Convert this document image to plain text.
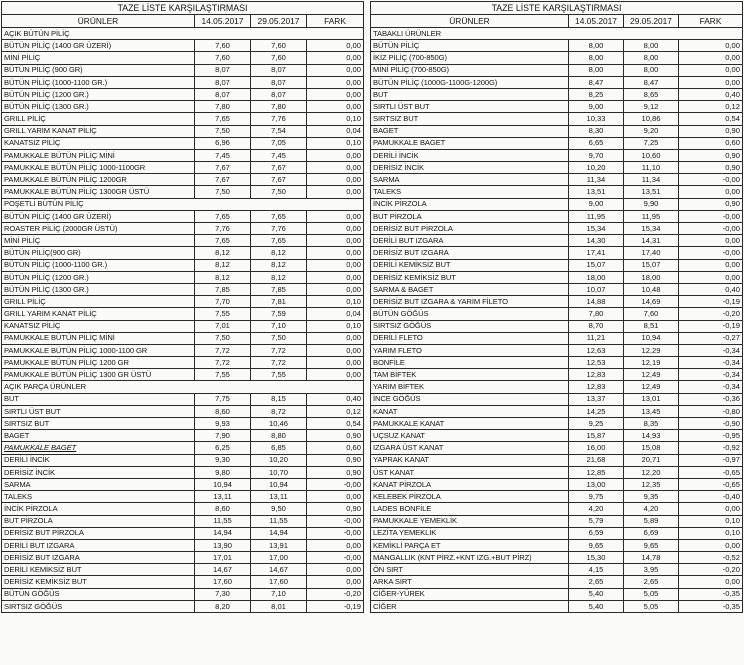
TAZE LİSTE KARŞILAŞTIRMASI			
ÜRÜNLER	14.05.2017	29.05.2017	FARK
AÇIK BÜTÜN PİLİÇ			
BÜTÜN PİLİÇ (1400 GR ÜZERİ)	7,60	7,60	0,00
MİNİ PİLİÇ	7,60	7,60	0,00
BÜTÜN PİLİÇ (900 GR)	8,07	8,07	0,00
BÜTÜN PİLİÇ (1000-1100 GR.)	8,07	8,07	0,00
BÜTÜN PİLİÇ (1200 GR.)	8,07	8,07	0,00
BÜTÜN PİLİÇ (1300 GR.)	7,80	7,80	0,00
GRILL PİLİÇ	7,65	7,76	0,10
GRILL YARIM KANAT PİLİÇ	7,50	7,54	0,04
KANATSIZ PİLİÇ	6,96	7,05	0,10
PAMUKKALE BÜTÜN PİLİÇ MİNİ	7,45	7,45	0,00
PAMUKKALE BÜTÜN PİLİÇ 1000-1100GR	7,67	7,67	0,00
PAMUKKALE BÜTÜN PİLİÇ 1200GR	7,67	7,67	0,00
PAMUKKALE BÜTÜN PİLİÇ 1300GR ÜSTÜ	7,50	7,50	0,00
POŞETLİ BÜTÜN PİLİÇ			
BÜTÜN PİLİÇ (1400 GR ÜZERİ)	7,65	7,65	0,00
ROASTER PİLİÇ (2000GR ÜSTÜ)	7,76	7,76	0,00
MİNİ PİLİÇ	7,65	7,65	0,00
BÜTÜN PİLİÇ(900 GR)	8,12	8,12	0,00
BÜTÜN PİLİÇ (1000-1100 GR.)	8,12	8,12	0,00
BÜTÜN PİLİÇ (1200 GR.)	8,12	8,12	0,00
BÜTÜN PİLİÇ (1300 GR.)	7,85	7,85	0,00
GRILL PİLİÇ	7,70	7,81	0,10
GRILL YARIM KANAT PİLİÇ	7,55	7,59	0,04
KANATSIZ PİLİÇ	7,01	7,10	0,10
PAMUKKALE BÜTÜN PİLİÇ MİNİ	7,50	7,50	0,00
PAMUKKALE BÜTÜN PİLİÇ 1000-1100 GR	7,72	7,72	0,00
PAMUKKALE BÜTÜN PİLİÇ 1200 GR	7,72	7,72	0,00
PAMUKKALE BÜTÜN PİLİÇ 1300 GR ÜSTÜ	7,55	7,55	0,00
AÇIK PARÇA ÜRÜNLER			
BUT	7,75	8,15	0,40
SIRTLI ÜST BUT	8,60	8,72	0,12
SIRTSIZ BUT	9,93	10,46	0,54
BAGET	7,90	8,80	0,90
PAMUKKALE BAGET	6,25	6,85	0,60
DERİLİ İNCİK	9,30	10,20	0,90
DERİSİZ İNCİK	9,80	10,70	0,90
SARMA	10,94	10,94	-0,00
TALEKS	13,11	13,11	0,00
İNCİK PİRZOLA	8,60	9,50	0,90
BUT PİRZOLA	11,55	11,55	-0,00
DERİSİZ BUT PİRZOLA	14,94	14,94	-0,00
DERİLİ BUT IZGARA	13,90	13,91	0,00
DERİSİZ BUT IZGARA	17,01	17,00	-0,00
DERİLİ KEMİKSİZ BUT	14,67	14,67	0,00
DERİSİZ KEMİKSİZ BUT	17,60	17,60	0,00
BÜTÜN GÖĞÜS	7,30	7,10	-0,20
SIRTSIZ GÖĞÜS	8,20	8,01	-0,19
TAZE LİSTE KARŞILAŞTIRMASI			
ÜRÜNLER	14.05.2017	29.05.2017	FARK
TABAKLI ÜRÜNLER			
BÜTÜN PİLİÇ	8,00	8,00	0,00
İKİZ PİLİÇ (700-850G)	8,00	8,00	0,00
MİNİ PİLİÇ (700-850G)	8,00	8,00	0,00
BÜTÜN PİLİÇ (1000G-1100G-1200G)	8,47	8,47	0,00
BUT	8,25	8,65	0,40
SIRTLI ÜST BUT	9,00	9,12	0,12
SIRTSIZ BUT	10,33	10,86	0,54
BAGET	8,30	9,20	0,90
PAMUKKALE BAGET	6,65	7,25	0,60
DERİLİ İNCİK	9,70	10,60	0,90
DERİSİZ İNCİK	10,20	11,10	0,90
SARMA	11,34	11,34	-0,00
TALEKS	13,51	13,51	0,00
İNCİK PİRZOLA	9,00	9,90	0,90
BUT PİRZOLA	11,95	11,95	-0,00
DERİSİZ BUT PİRZOLA	15,34	15,34	-0,00
DERİLİ BUT IZGARA	14,30	14,31	0,00
DERİSİZ BUT IZGARA	17,41	17,40	-0,00
DERİLİ KEMİKSİZ BUT	15,07	15,07	0,00
DERİSİZ KEMİKSİZ BUT	18,00	18,00	0,00
SARMA & BAGET	10,07	10,48	0,40
DERİSİZ BUT IZGARA & YARIM FİLETO	14,88	14,69	-0,19
BÜTÜN GÖĞÜS	7,80	7,60	-0,20
SIRTSIZ GÖĞÜS	8,70	8,51	-0,19
DERİLİ FLETO	11,21	10,94	-0,27
YARIM FLETO	12,63	12,29	-0,34
BONFİLE	12,53	12,19	-0,34
TAM BİFTEK	12,83	12,49	-0,34
YARIM BİFTEK	12,83	12,49	-0,34
İNCE GÖĞÜS	13,37	13,01	-0,36
KANAT	14,25	13,45	-0,80
PAMUKKALE KANAT	9,25	8,35	-0,90
UÇSUZ KANAT	15,87	14,93	-0,95
IZGARA ÜST KANAT	16,00	15,08	-0,92
YAPRAK KANAT	21,68	20,71	-0,97
ÜST KANAT	12,85	12,20	-0,65
KANAT PİRZOLA	13,00	12,35	-0,65
KELEBEK PİRZOLA	9,75	9,35	-0,40
LADES BONFİLE	4,20	4,20	0,00
PAMUKKALE YEMEKLİK	5,79	5,89	0,10
LEZİTA YEMEKLİK	6,59	6,69	0,10
KEMİKLİ PARÇA ET	9,65	9,65	0,00
MANGALLIK (KNT PİRZ.+KNT IZG.+BUT PİRZ)	15,30	14,78	-0,52
ÖN SIRT	4,15	3,95	-0,20
ARKA SIRT	2,65	2,65	0,00
CİĞER-YÜREK	5,40	5,05	-0,35
CİĞER	5,40	5,05	-0,35
